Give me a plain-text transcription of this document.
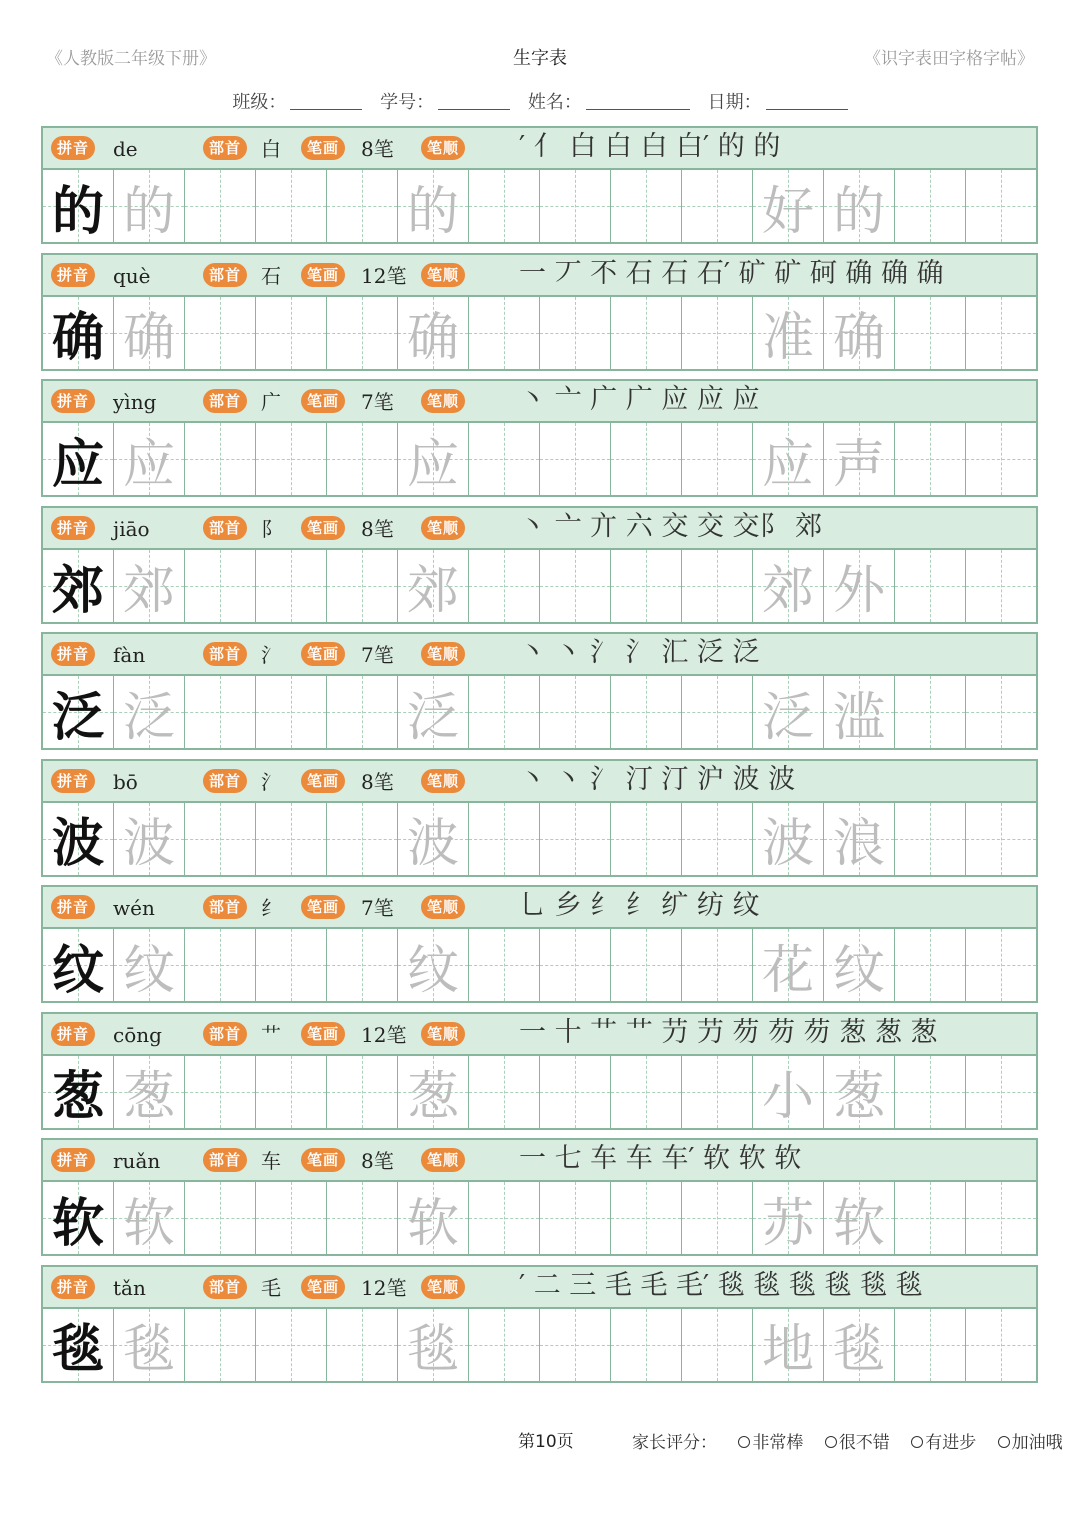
《人教版二年级下册》	生字表	《识字表田字格字帖》
班级：	学号：	姓名：	日期：
拼音	de	部首 白	笔画	8笔	笔顺 ′ 亻 白 白 白 白′ 的 的
的 的	的	好 的
拼音	què	部首 石	笔画	12笔	笔顺 一 丆 不 石 石 石′ 矿 矿 砢 确 确 确
确 确	确	准 确
拼音	yìng	部首 广	笔画	7笔	笔顺 丶 亠 广 广 应 应 应
应 应	应	应 声
拼音	jiāo	部首 阝	笔画	8笔	笔顺 丶 亠 亣 六 交 交 交阝 郊
郊 郊	郊	郊 外
拼音	fàn	部首 氵	笔画	7笔	笔顺 丶 丶 氵 氵 汇 泛 泛
泛 泛	泛	泛 滥
拼音	bō	部首 氵	笔画	8笔	笔顺 丶 丶 氵 汀 汀 沪 波 波
波 波	波	波 浪
拼音	wén	部首 纟	笔画	7笔	笔顺 乚 乡 纟 纟 纩 纺 纹
纹 纹	纹	花 纹
拼音	cōng	部首 艹	笔画	12笔	笔顺 一 十 艹 艹 芀 芀 芴 芴 芴 葱 葱 葱
葱 葱	葱	小 葱
拼音	ruǎn	部首 车	笔画	8笔	笔顺 一 七 车 车 车′ 软 软 软
软 软	软	苏 软
拼音	tǎn	部首 毛	笔画	12笔	笔顺 ′ 二 三 毛 毛 毛′ 毯 毯 毯 毯 毯 毯
毯 毯	毯	地 毯
第10页	家长评分： 非常棒 很不错 有进步 加油哦
